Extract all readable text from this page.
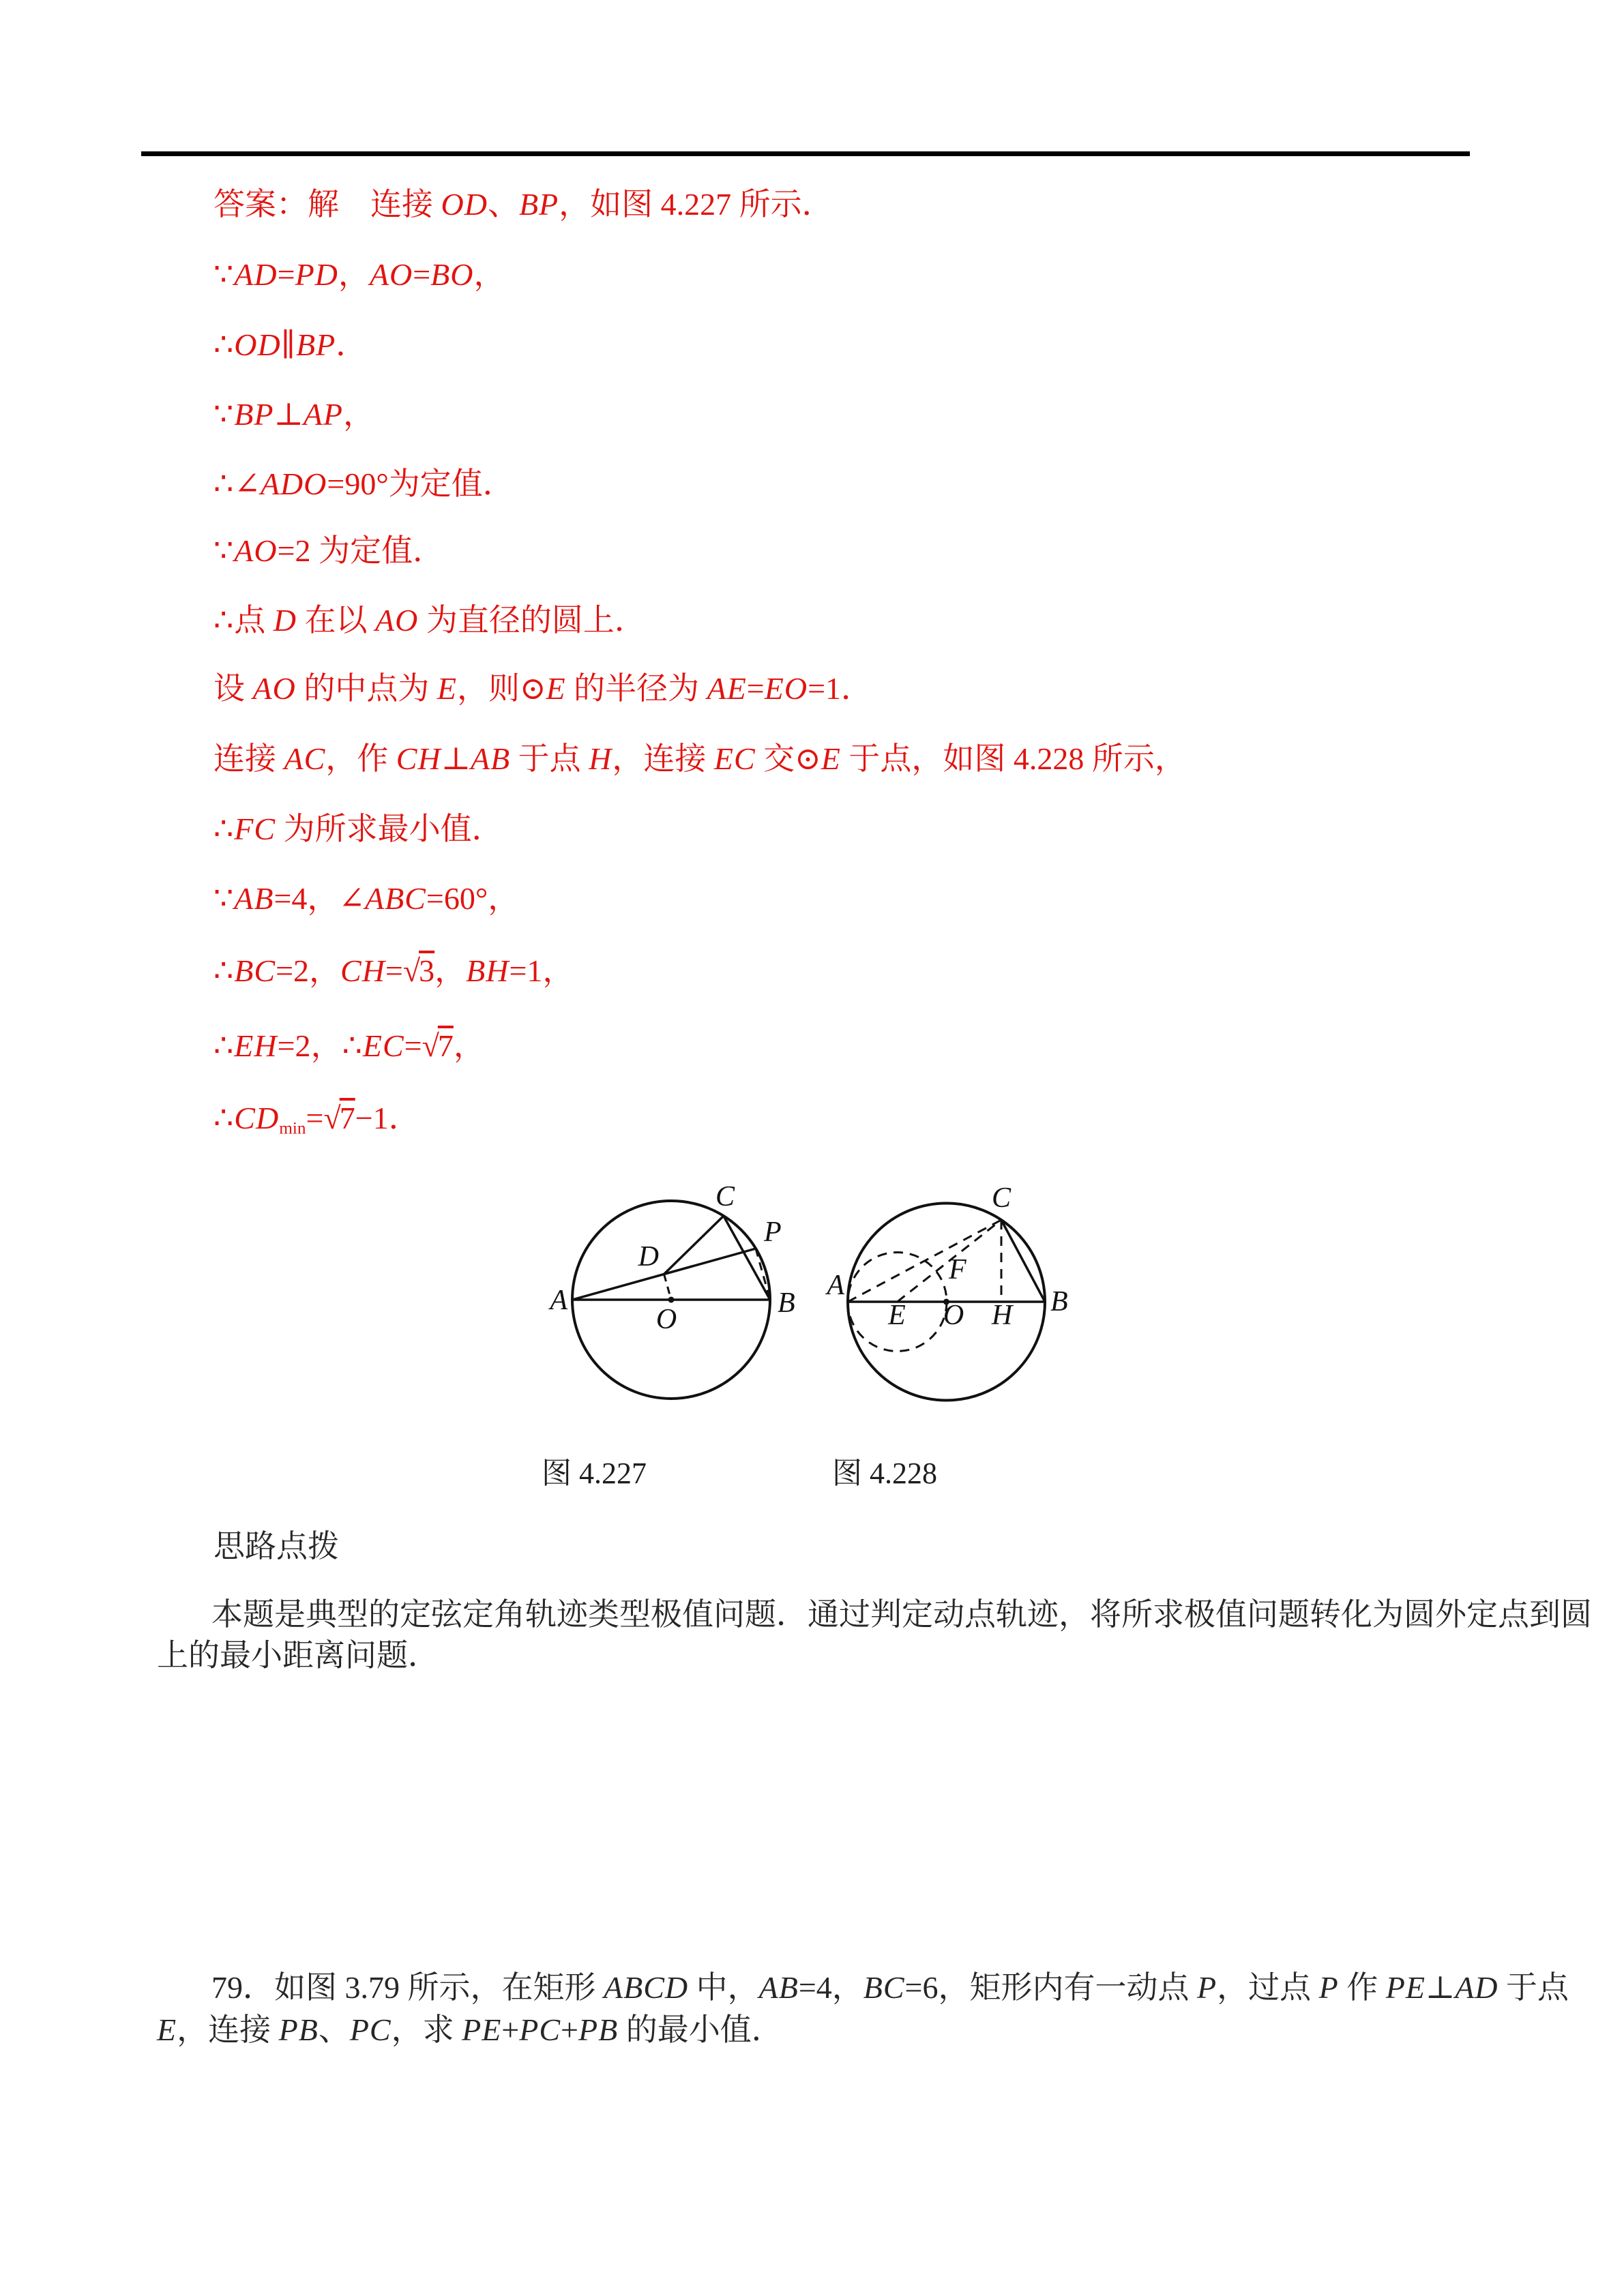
答案：解　连接 OD、BP，如图 4.227 所示．
∵AD=PD，AO=BO，
∴OD∥BP．
∵BP⊥AP，
∴∠ADO=90°为定值．
∵AO=2 为定值．
∴点 D 在以 AO 为直径的圆上．
设 AO 的中点为 E，则⊙E 的半径为 AE=EO=1．
连接 AC，作 CH⊥AB 于点 H，连接 EC 交⊙E 于点，如图 4.228 所示，
∴FC 为所求最小值．
∵AB=4，∠ABC=60°，
∴BC=2，CH=√3，BH=1，
∴EH=2，∴EC=√7，
∴CDmin=√7−1．
A	B
C
P
D
O
A
E O H B
C
F
图 4.227	图 4.228
思路点拨
本题是典型的定弦定角轨迹类型极值问题．通过判定动点轨迹，将所求极值问题转化为圆外定点到圆
上的最小距离问题．
79．如图 3.79 所示，在矩形 ABCD 中，AB=4，BC=6，矩形内有一动点 P，过点 P 作 PE⊥AD 于点
E，连接 PB、PC，求 PE+PC+PB 的最小值．
